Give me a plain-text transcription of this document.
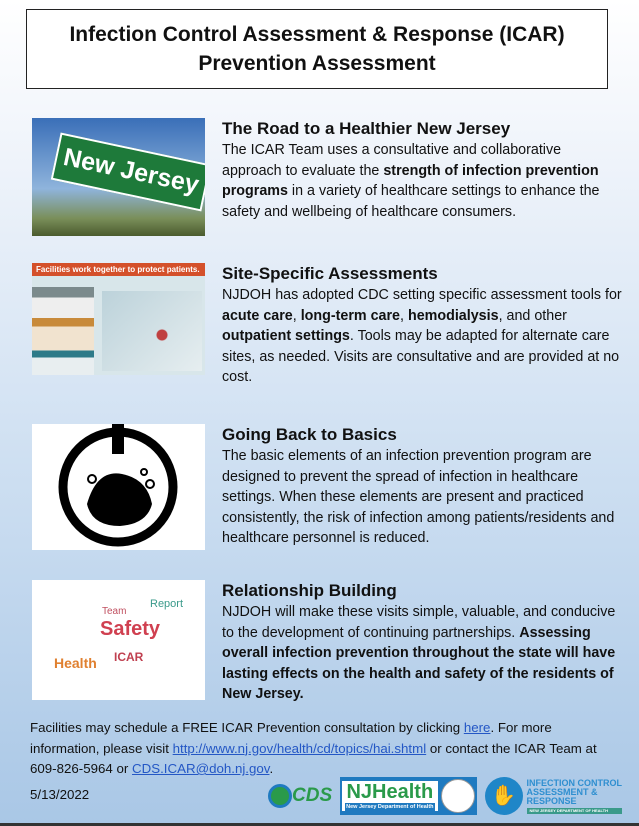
Infection Control Assessment & Response (ICAR)
Prevention Assessment
New Jersey
The Road to a Healthier New Jersey
The ICAR Team uses a consultative and collaborative approach to evaluate the strength of infection prevention programs in a variety of healthcare settings to enhance the safety and wellbeing of healthcare consumers.
Facilities work together to protect patients.	Site-Specific Assessments
NJDOH has adopted CDC setting specific assessment tools for acute care, long-term care, hemodialysis, and other outpatient settings. Tools may be adapted for alternate care sites, as needed. Visits are consultative and are provided at no cost.
Going Back to Basics
The basic elements of an infection prevention program are designed to prevent the spread of infection in healthcare settings. When these elements are present and practiced consistently, the risk of infection among patients/residents and healthcare personnel is reduced.
Safety
Health ICAR
Team
Report
Relationship Building
NJDOH will make these visits simple, valuable, and conducive to the development of continuing partnerships. Assessing overall infection prevention throughout the state will have lasting effects on the health and safety of the residents of New Jersey.
Facilities may schedule a FREE ICAR Prevention consultation by clicking here. For more information, please visit http://www.nj.gov/health/cd/topics/hai.shtml or contact the ICAR Team at 609-826-5964 or CDS.ICAR@doh.nj.gov.
5/13/2022	CDS NJHealth
New Jersey Department of Health	✋
INFECTION CONTROL
ASSESSMENT &
RESPONSE
NEW JERSEY DEPARTMENT OF HEALTH
